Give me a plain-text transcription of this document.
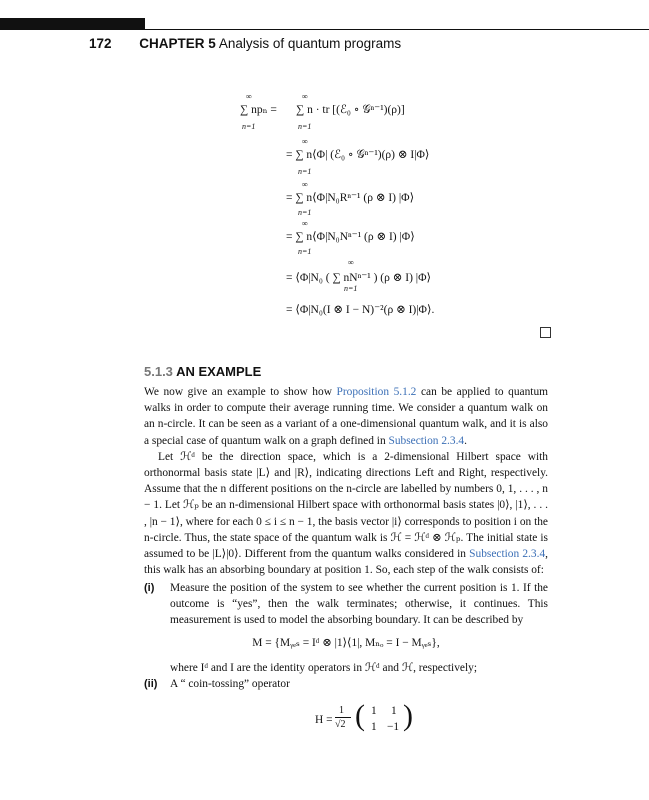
172 CHAPTER 5 Analysis of quantum programs
∑ npₙ = ∑ n · tr [(ℰ₀ ∘ 𝒢ⁿ⁻¹)(ρ)]
∞
n=1
∞
n=1
= ∑ n⟨Φ| (ℰ₀ ∘ 𝒢ⁿ⁻¹)(ρ) ⊗ I|Φ⟩
∞
n=1
= ∑ n⟨Φ|N₀Rⁿ⁻¹ (ρ ⊗ I) |Φ⟩
∞
n=1
= ∑ n⟨Φ|N₀Nⁿ⁻¹ (ρ ⊗ I) |Φ⟩
∞
n=1
= ⟨Φ|N₀ ( ∑ nNⁿ⁻¹ ) (ρ ⊗ I) |Φ⟩
∞
n=1
= ⟨Φ|N₀(I ⊗ I − N)⁻²(ρ ⊗ I)|Φ⟩.
5.1.3 AN EXAMPLE

We now give an example to show how Proposition 5.1.2 can be applied to quantum walks in order to compute their average running time. We consider a quantum walk on an n-circle. It can be seen as a variant of a one-dimensional quantum walk, and it is also a special case of quantum walk on a graph defined in Subsection 2.3.4.

Let ℋᵈ be the direction space, which is a 2-dimensional Hilbert space with orthonormal basis state |L⟩ and |R⟩, indicating directions Left and Right, respectively. Assume that the n different positions on the n-circle are labelled by numbers 0, 1, . . . , n − 1. Let ℋₚ be an n-dimensional Hilbert space with orthonormal basis states |0⟩, |1⟩, . . . , |n − 1⟩, where for each 0 ≤ i ≤ n − 1, the basis vector |i⟩ corresponds to position i on the n-circle. Thus, the state space of the quantum walk is ℋ = ℋᵈ ⊗ ℋₚ. The initial state is assumed to be |L⟩|0⟩. Different from the quantum walks considered in Subsection 2.3.4, this walk has an absorbing boundary at position 1. So, each step of the walk consists of:

(i) Measure the position of the system to see whether the current position is 1. If the outcome is “yes”, then the walk terminates; otherwise, it continues. This measurement is used to model the absorbing boundary. It can be described by
M = {Mᵧₑₛ = Iᵈ ⊗ |1⟩⟨1|, Mₙₒ = I − Mᵧₑₛ},
where Iᵈ and I are the identity operators in ℋᵈ and ℋ, respectively;
(ii) A “ coin-tossing” operator
H =
1
√2 ( 1 1
1 −1 )
